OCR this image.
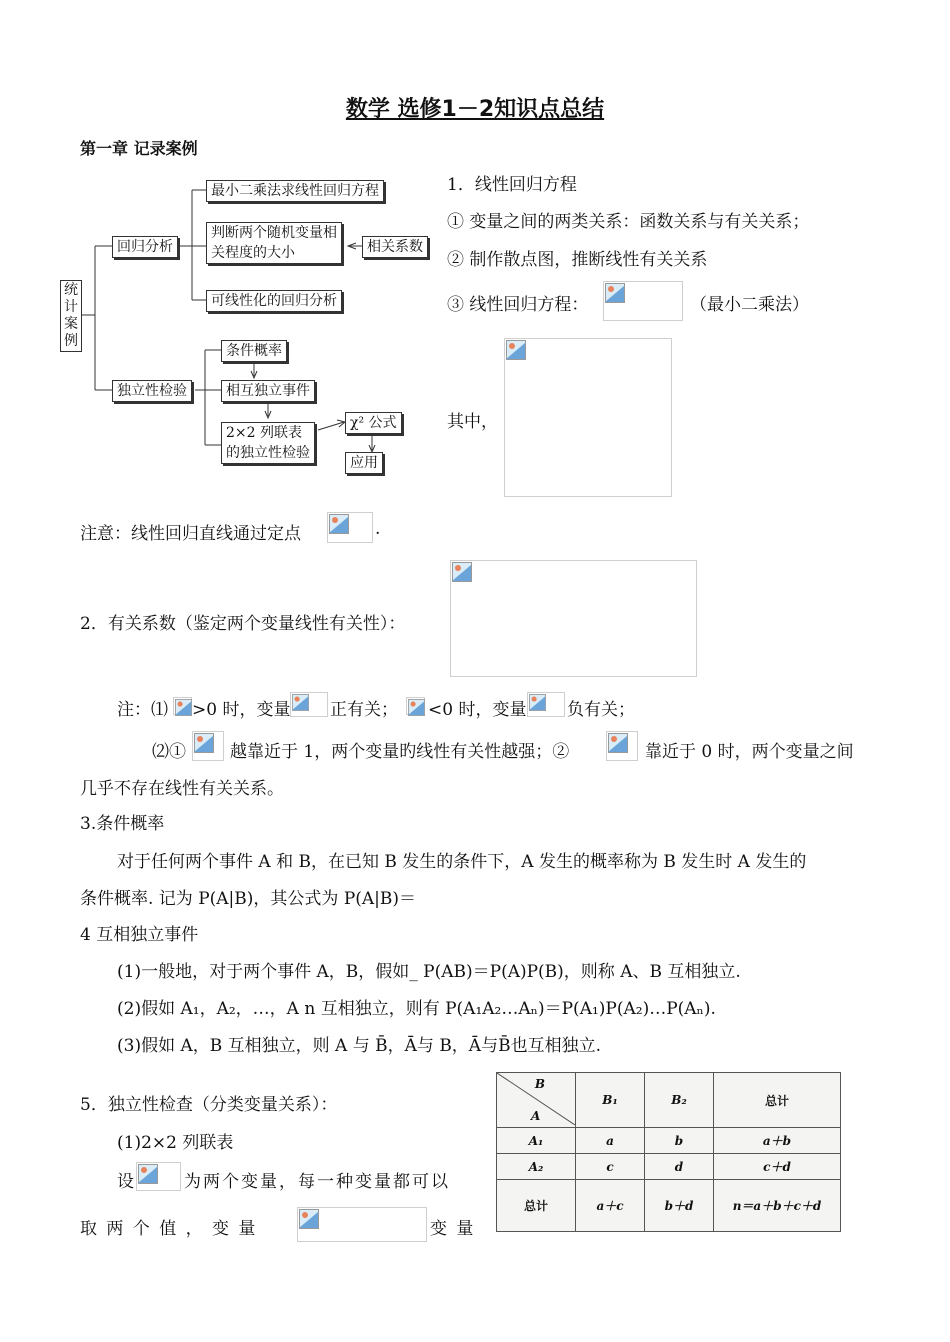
数学 选修1－2知识点总结
第一章 记录案例
统计案例
回归分析
最小二乘法求线性回归方程
判断两个随机变量相
关程度的大小
可线性化的回归分析
相关系数
独立性检验
条件概率
相互独立事件
2×2 列联表
的独立性检验
χ² 公式
应用
1．线性回归方程
① 变量之间的两类关系：函数关系与有关关系；
② 制作散点图，推断线性有关关系
③ 线性回归方程：	（最小二乘法）
其中，
注意：线性回归直线通过定点	.
2．有关系数（鉴定两个变量线性有关性）：
注：⑴ >0 时，变量 正有关； <0 时，变量 负有关；
⑵①	越靠近于 1，两个变量旳线性有关性越强；②	靠近于 0 时，两个变量之间
几乎不存在线性有关关系。
3.条件概率
对于任何两个事件 A 和 B，在已知 B 发生的条件下，A 发生的概率称为 B 发生时 A 发生的
条件概率. 记为 P(A|B)，其公式为 P(A|B)＝
4 互相独立事件
(1)一般地，对于两个事件 A，B，假如_ P(AB)＝P(A)P(B)，则称 A、B 互相独立.
(2)假如 A₁，A₂，…，A n 互相独立，则有 P(A₁A₂…Aₙ)＝P(A₁)P(A₂)…P(Aₙ).
(3)假如 A，B 互相独立，则 A 与 B̄，Ā与 B，Ā与B̄也互相独立.
5．独立性检查（分类变量关系）：
(1)2×2 列联表
设	为两个变量，每一种变量都可以
取 两 个 值 ， 变 量	变 量
B
A	B₁	B₂	总计
A₁	a	b	a＋b
A₂	c	d	c＋d
总计	a＋c	b＋d	n＝a＋b＋c＋d
